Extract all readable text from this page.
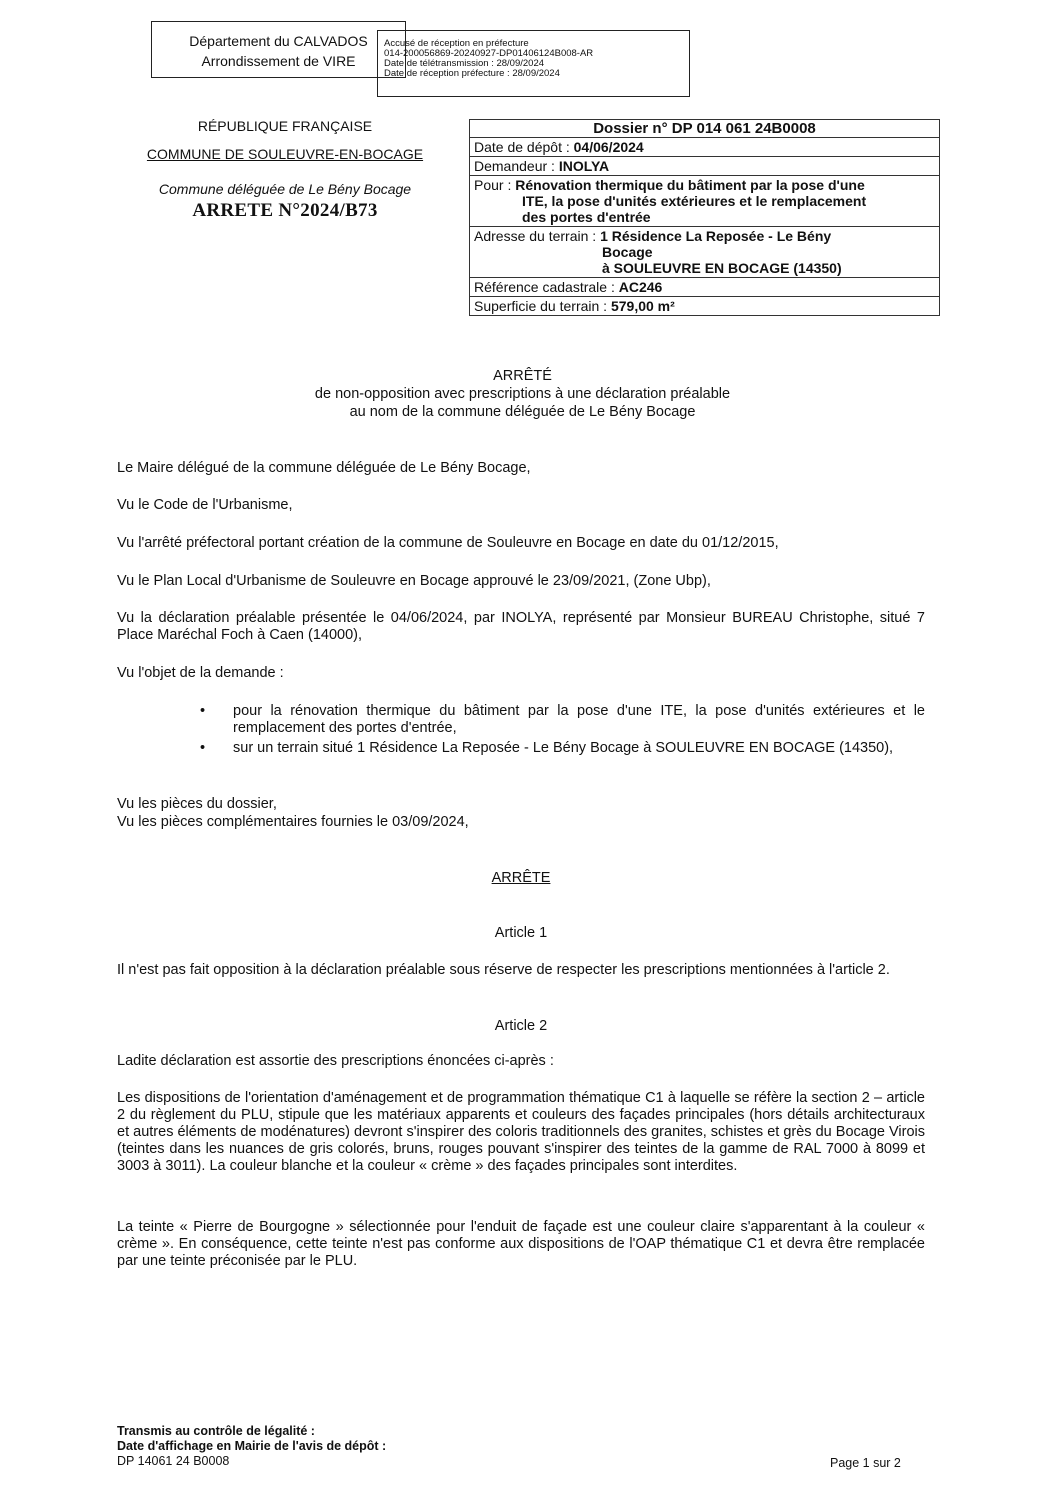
Département du CALVADOS
Arrondissement de VIRE
Accusé de réception en préfecture
014-200056869-20240927-DP01406124B008-AR
Date de télétransmission : 28/09/2024
Date de réception préfecture : 28/09/2024
RÉPUBLIQUE FRANÇAISE
COMMUNE DE SOULEUVRE-EN-BOCAGE
Commune déléguée de Le Bény Bocage
ARRETE N°2024/B73
Dossier n° DP 014 061 24B0008
Date de dépôt : 04/06/2024
Demandeur : INOLYA
Pour : Rénovation thermique du bâtiment par la pose d'une
ITE, la pose d'unités extérieures et le remplacement
des portes d'entrée

Adresse du terrain : 1 Résidence La Reposée - Le Bény
Bocage
à SOULEUVRE EN BOCAGE (14350)

Référence cadastrale : AC246
Superficie du terrain : 579,00 m²
ARRÊTÉ
de non-opposition avec prescriptions à une déclaration préalable
au nom de la commune déléguée de Le Bény Bocage
Le Maire délégué de la commune déléguée de Le Bény Bocage,
Vu le Code de l'Urbanisme,
Vu l'arrêté préfectoral portant création de la commune de Souleuvre en Bocage en date du 01/12/2015,
Vu le Plan Local d'Urbanisme de Souleuvre en Bocage approuvé le 23/09/2021, (Zone Ubp),
Vu la déclaration préalable présentée le 04/06/2024, par INOLYA, représenté par Monsieur BUREAU Christophe, situé 7 Place Maréchal Foch à Caen (14000),
Vu l'objet de la demande :
• pour la rénovation thermique du bâtiment par la pose d'une ITE, la pose d'unités extérieures et le remplacement des portes d'entrée,
• sur un terrain situé 1 Résidence La Reposée - Le Bény Bocage à SOULEUVRE EN BOCAGE (14350),
Vu les pièces du dossier,
Vu les pièces complémentaires fournies le 03/09/2024,
ARRÊTE
Article 1
Il n'est pas fait opposition à la déclaration préalable sous réserve de respecter les prescriptions mentionnées à l'article 2.
Article 2
Ladite déclaration est assortie des prescriptions énoncées ci-après :
Les dispositions de l'orientation d'aménagement et de programmation thématique C1 à laquelle se réfère la section 2 – article 2 du règlement du PLU, stipule que les matériaux apparents et couleurs des façades principales (hors détails architecturaux et autres éléments de modénatures) devront s'inspirer des coloris traditionnels des granites, schistes et grès du Bocage Virois (teintes dans les nuances de gris colorés, bruns, rouges pouvant s'inspirer des teintes de la gamme de RAL 7000 à 8099 et 3003 à 3011). La couleur blanche et la couleur « crème » des façades principales sont interdites.
La teinte « Pierre de Bourgogne » sélectionnée pour l'enduit de façade est une couleur claire s'apparentant à la couleur « crème ». En conséquence, cette teinte n'est pas conforme aux dispositions de l'OAP thématique C1 et devra être remplacée par une teinte préconisée par le PLU.
Transmis au contrôle de légalité :
Date d'affichage en Mairie de l'avis de dépôt :
DP 14061 24 B0008	Page 1 sur 2
